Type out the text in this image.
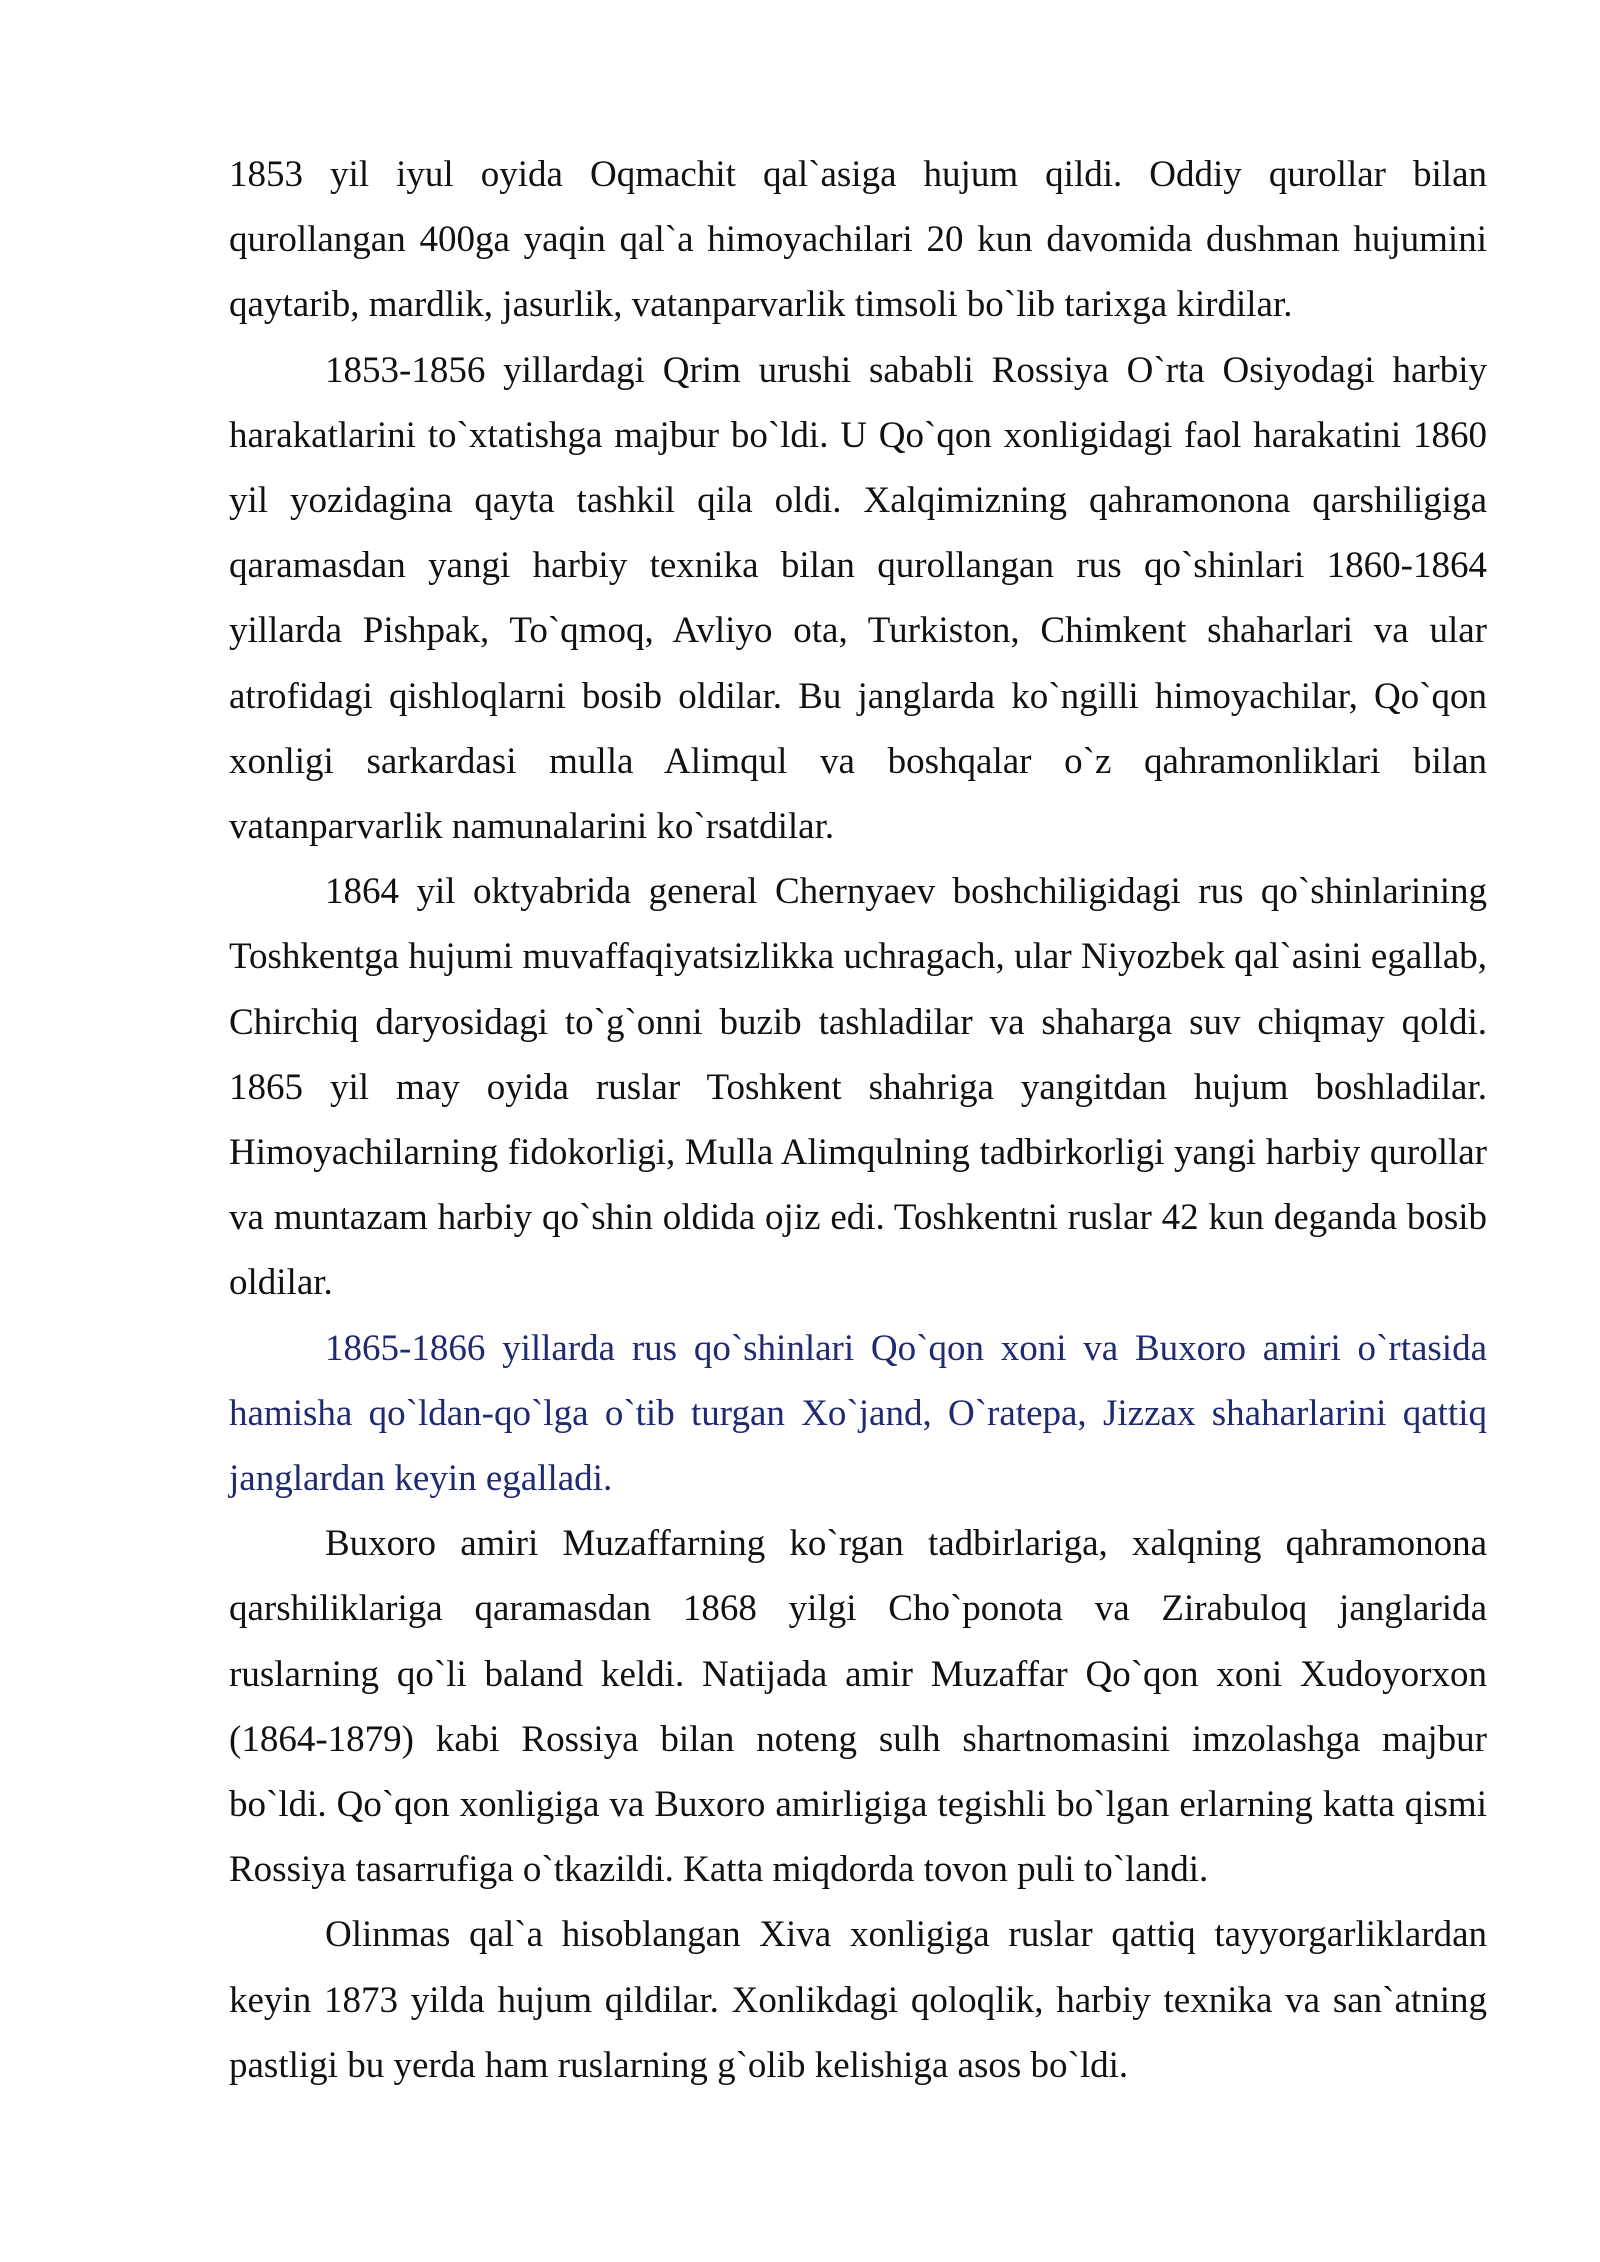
1853 yil iyul oyida Oqmachit qal`asiga hujum qildi. Oddiy qurollar bilan qurollangan 400ga yaqin qal`a himoyachilari 20 kun davomida dushman hujumini qaytarib, mardlik, jasurlik, vatanparvarlik timsoli bo`lib tarixga kirdilar.

1853-1856 yillardagi Qrim urushi sababli Rossiya O`rta Osiyodagi harbiy harakatlarini to`xtatishga majbur bo`ldi. U Qo`qon xonligidagi faol harakatini 1860 yil yozidagina qayta tashkil qila oldi. Xalqimizning qahramonona qarshiligiga qaramasdan yangi harbiy texnika bilan qurollangan rus qo`shinlari 1860-1864 yillarda Pishpak, To`qmoq, Avliyo ota, Turkiston, Chimkent shaharlari va ular atrofidagi qishloqlarni bosib oldilar. Bu janglarda ko`ngilli himoyachilar, Qo`qon xonligi sarkardasi mulla Alimqul va boshqalar o`z qahramonliklari bilan vatanparvarlik namunalarini ko`rsatdilar.

1864 yil oktyabrida general Chernyaev boshchiligidagi rus qo`shinlarining Toshkentga hujumi muvaffaqiyatsizlikka uchragach, ular Niyozbek qal`asini egallab, Chirchiq daryosidagi to`g`onni buzib tashladilar va shaharga suv chiqmay qoldi. 1865 yil may oyida ruslar Toshkent shahriga yangitdan hujum boshladilar. Himoyachilarning fidokorligi, Mulla Alimqulning tadbirkorligi yangi harbiy qurollar va muntazam harbiy qo`shin oldida ojiz edi. Toshkentni ruslar 42 kun deganda bosib oldilar.

1865-1866 yillarda rus qo`shinlari Qo`qon xoni va Buxoro amiri o`rtasida hamisha qo`ldan-qo`lga o`tib turgan Xo`jand, O`ratepa, Jizzax shaharlarini qattiq janglardan keyin egalladi.

Buxoro amiri Muzaffarning ko`rgan tadbirlariga, xalqning qahramonona qarshiliklariga qaramasdan 1868 yilgi Cho`ponota va Zirabuloq janglarida ruslarning qo`li baland keldi. Natijada amir Muzaffar Qo`qon xoni Xudoyorxon (1864-1879) kabi Rossiya bilan noteng sulh shartnomasini imzolashga majbur bo`ldi. Qo`qon xonligiga va Buxoro amirligiga tegishli bo`lgan erlarning katta qismi Rossiya tasarrufiga o`tkazildi. Katta miqdorda tovon puli to`landi.

Olinmas qal`a hisoblangan Xiva xonligiga ruslar qattiq tayyorgarliklardan keyin 1873 yilda hujum qildilar. Xonlikdagi qoloqlik, harbiy texnika va san`atning pastligi bu yerda ham ruslarning g`olib kelishiga asos bo`ldi.
